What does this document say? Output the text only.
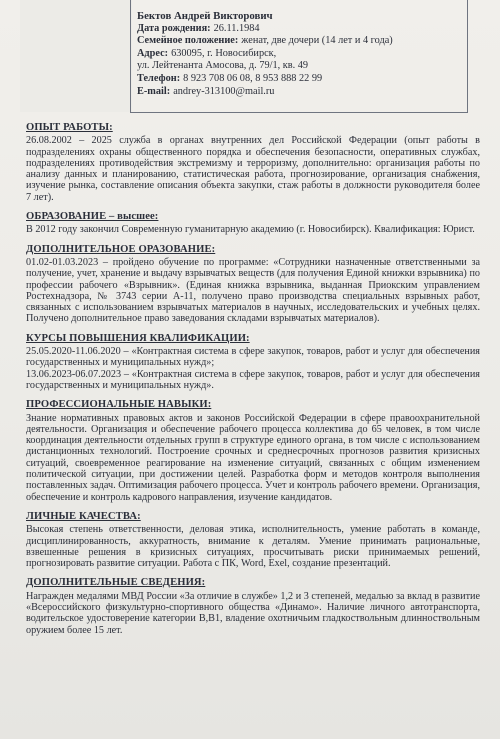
Бектов Андрей Викторович
Дата рождения: 26.11.1984
Семейное положение: женат, две дочери (14 лет и 4 года)
Адрес: 630095, г. Новосибирск,
ул. Лейтенанта Амосова, д. 79/1, кв. 49
Телефон: 8 923 708 06 08, 8 953 888 22 99
E-mail: andrey-313100@mail.ru
ОПЫТ РАБОТЫ:

26.08.2002 – 2025 служба в органах внутренних дел Российской Федерации (опыт работы в подразделениях охраны общественного порядка и обеспечения безопасности, оперативных службах, подразделениях противодействия экстремизму и терроризму, дополнительно: организация работы по анализу данных и планированию, статистическая работа, прогнозирование, организация снабжения, изучение рынка, составление описания объекта закупки, стаж работы в должности руководителя более 7 лет).

ОБРАЗОВАНИЕ – высшее:

В 2012 году закончил Современную гуманитарную академию (г. Новосибирск). Квалификация: Юрист.

ДОПОЛНИТЕЛЬНОЕ ОРАЗОВАНИЕ:

01.02-01.03.2023 – пройдено обучение по программе: «Сотрудники назначенные ответственными за получение, учет, хранение и выдачу взрывчатых веществ (для получения Единой книжки взрывника) по профессии рабочего «Взрывник». (Единая книжка взрывника, выданная Приокским управлением Ростехнадзора, № 3743 серии А-11, получено право производства специальных взрывных работ, связанных с использованием взрывчатых материалов в научных, исследовательских и учебных целях. Получено дополнительное право заведования складами взрывчатых материалов).

КУРСЫ ПОВЫШЕНИЯ КВАЛИФИКАЦИИ:

25.05.2020-11.06.2020 – «Контрактная система в сфере закупок, товаров, работ и услуг для обеспечения государственных и муниципальных нужд»;

13.06.2023-06.07.2023 – «Контрактная система в сфере закупок, товаров, работ и услуг для обеспечения государственных и муниципальных нужд».

ПРОФЕССИОНАЛЬНЫЕ НАВЫКИ:

Знание нормативных правовых актов и законов Российской Федерации в сфере правоохранительной деятельности. Организация и обеспечение рабочего процесса коллектива до 65 человек, в том числе координация деятельности отдельных групп в структуре единого органа, в том числе с использованием дистанционных технологий. Построение срочных и среднесрочных прогнозов развития кризисных ситуаций, своевременное реагирование на изменение ситуаций, связанных с общим изменением политической ситуации, при достижении целей. Разработка форм и методов контроля выполнения поставленных задач. Оптимизация рабочего процесса. Учет и контроль рабочего времени. Организация, обеспечение и контроль кадрового направления, изучение кандидатов.

ЛИЧНЫЕ КАЧЕСТВА:

Высокая степень ответственности, деловая этика, исполнительность, умение работать в команде, дисциплинированность, аккуратность, внимание к деталям. Умение принимать рациональные, взвешенные решения в кризисных ситуациях, просчитывать риски принимаемых решений, прогнозировать развитие ситуации. Работа с ПК, Word, Exel, создание презентаций.

ДОПОЛНИТЕЛЬНЫЕ СВЕДЕНИЯ:

Награжден медалями МВД России «За отличие в службе» 1,2 и 3 степеней, медалью за вклад в развитие «Всероссийского физкультурно-спортивного общества «Динамо». Наличие личного автотранспорта, водительское удостоверение категории В,В1, владение охотничьим гладкоствольным длинноствольным оружием более 15 лет.
